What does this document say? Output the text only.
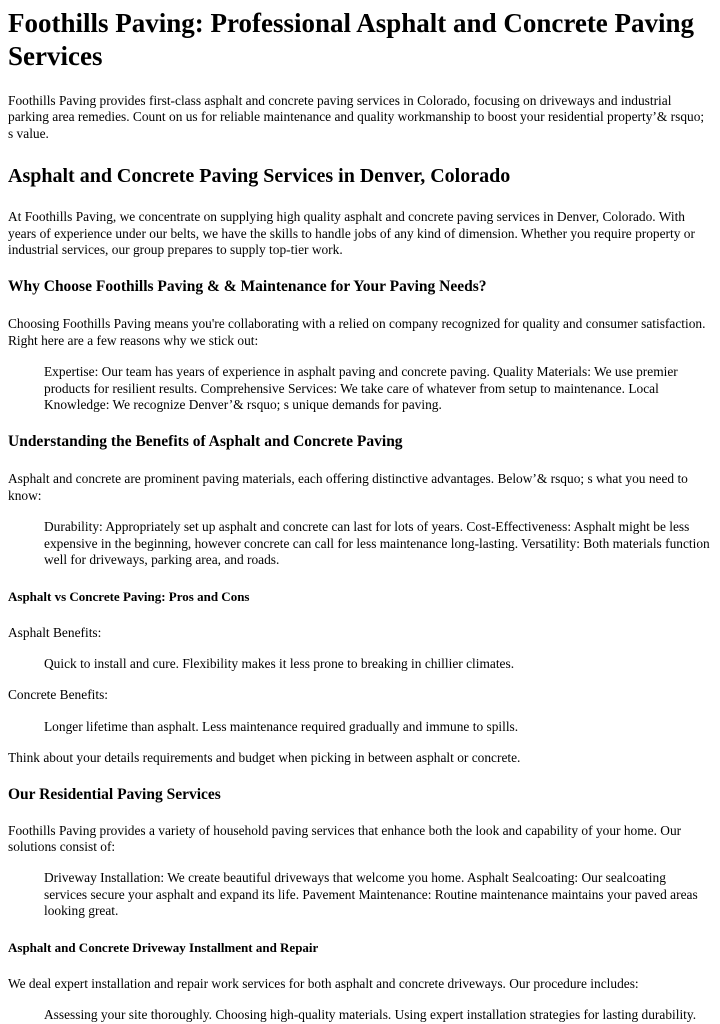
Foothills Paving: Professional Asphalt and Concrete Paving Services

Foothills Paving provides first-class asphalt and concrete paving services in Colorado, focusing on driveways and industrial parking area remedies. Count on us for reliable maintenance and quality workmanship to boost your residential property’& rsquo; s value.

Asphalt and Concrete Paving Services in Denver, Colorado

At Foothills Paving, we concentrate on supplying high quality asphalt and concrete paving services in Denver, Colorado. With years of experience under our belts, we have the skills to handle jobs of any kind of dimension. Whether you require property or industrial services, our group prepares to supply top-tier work.

Why Choose Foothills Paving & & Maintenance for Your Paving Needs?

Choosing Foothills Paving means you're collaborating with a relied on company recognized for quality and consumer satisfaction. Right here are a few reasons why we stick out:

Expertise: Our team has years of experience in asphalt paving and concrete paving. Quality Materials: We use premier products for resilient results. Comprehensive Services: We take care of whatever from setup to maintenance. Local Knowledge: We recognize Denver’& rsquo; s unique demands for paving.
Understanding the Benefits of Asphalt and Concrete Paving

Asphalt and concrete are prominent paving materials, each offering distinctive advantages. Below’& rsquo; s what you need to know:

Durability: Appropriately set up asphalt and concrete can last for lots of years. Cost-Effectiveness: Asphalt might be less expensive in the beginning, however concrete can call for less maintenance long-lasting. Versatility: Both materials function well for driveways, parking area, and roads.
Asphalt vs Concrete Paving: Pros and Cons

Asphalt Benefits:

Quick to install and cure. Flexibility makes it less prone to breaking in chillier climates.

Concrete Benefits:

Longer lifetime than asphalt. Less maintenance required gradually and immune to spills.

Think about your details requirements and budget when picking in between asphalt or concrete.

Our Residential Paving Services

Foothills Paving provides a variety of household paving services that enhance both the look and capability of your home. Our solutions consist of:

Driveway Installation: We create beautiful driveways that welcome you home. Asphalt Sealcoating: Our sealcoating services secure your asphalt and expand its life. Pavement Maintenance: Routine maintenance maintains your paved areas looking great.
Asphalt and Concrete Driveway Installment and Repair

We deal expert installation and repair work services for both asphalt and concrete driveways. Our procedure includes:

Assessing your site thoroughly. Choosing high-quality materials. Using expert installation strategies for lasting durability.
